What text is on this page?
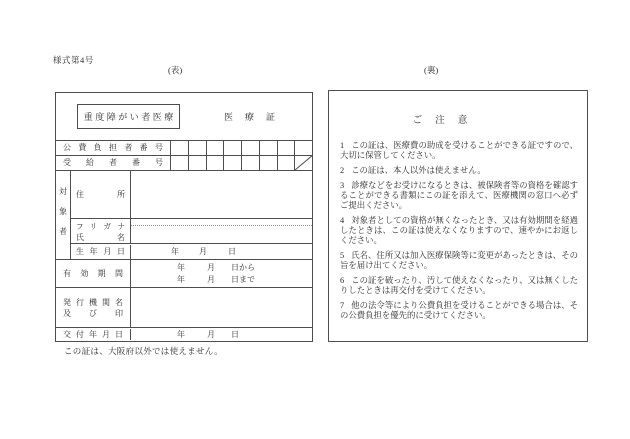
様式第4号
(表)	(裏)
重度障がい者医療	医療証
公費負担者番号
受給者番号
対象者
住所
フリガナ
氏名
生年月日	年	月	日
有効期間
年	月 日から
年	月 日まで
発行機関名
及び印
交付年月日	年	月 日
この証は、大阪府以外では使えません。
ご注意

1 この証は、医療費の助成を受けることができる証ですので、大切に保管してください。

2 この証は、本人以外は使えません。

3 診療などをお受けになるときは、被保険者等の資格を確認することができる書類にこの証を添えて、医療機関の窓口へ必ずご提出ください。

4 対象者としての資格が無くなったとき、又は有効期間を経過したときは、この証は使えなくなりますので、速やかにお返しください。

5 氏名、住所又は加入医療保険等に変更があったときは、その旨を届け出てください。

6 この証を破ったり、汚して使えなくなったり、又は無くしたりしたときは再交付を受けてください。

7 他の法令等により公費負担を受けることができる場合は、その公費負担を優先的に受けてください。
